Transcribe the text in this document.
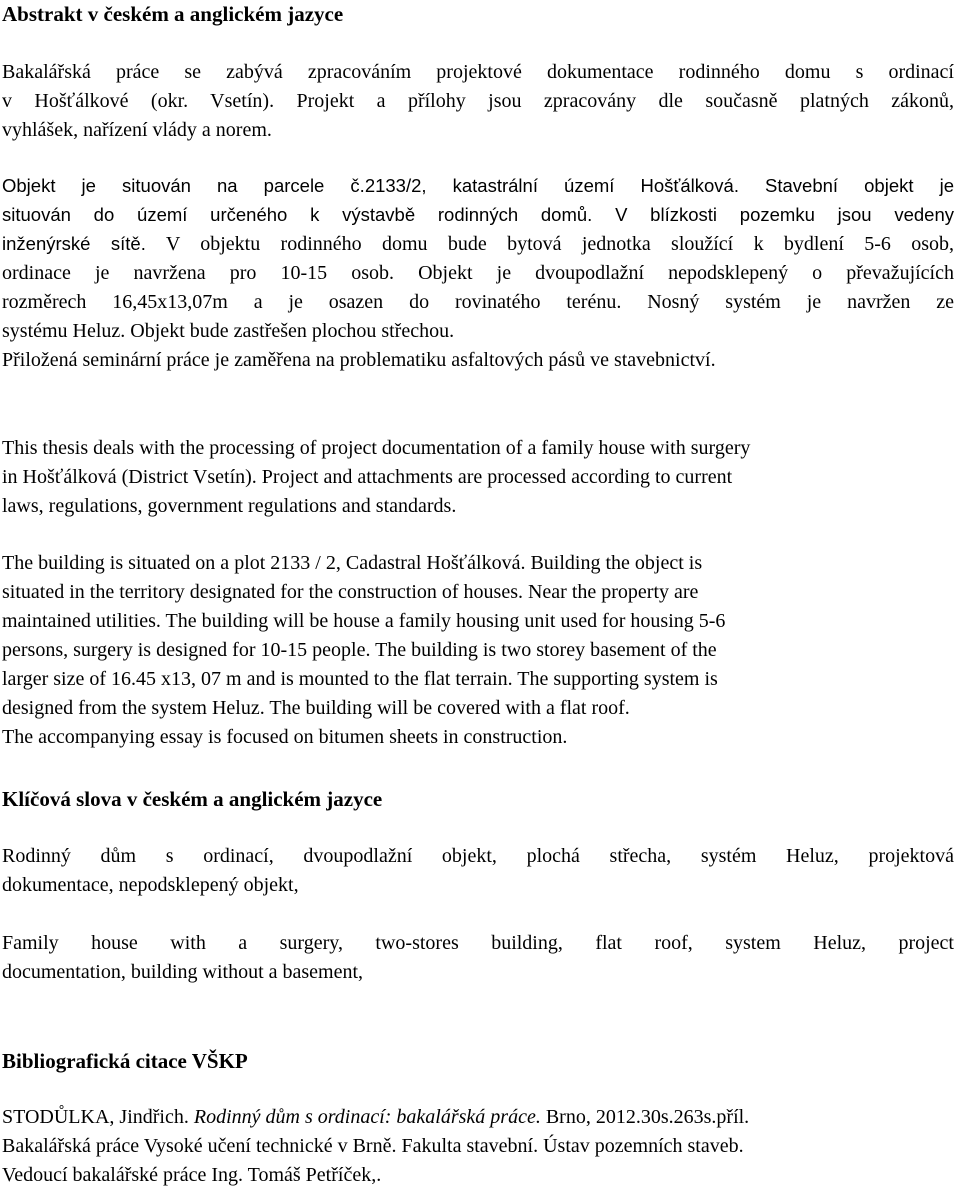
Abstrakt v českém a anglickém jazyce
Bakalářská práce se zabývá zpracováním projektové dokumentace rodinného domu s ordinací
v Hošťálkové (okr. Vsetín). Projekt a přílohy jsou zpracovány dle současně platných zákonů,
vyhlášek, nařízení vlády a norem.
Objekt je situován na parcele č.2133/2, katastrální území Hošťálková. Stavební objekt je
situován do území určeného k výstavbě rodinných domů. V blízkosti pozemku jsou vedeny
inženýrské sítě. V objektu rodinného domu bude bytová jednotka sloužící k bydlení 5-6 osob,
ordinace je navržena pro 10-15 osob. Objekt je dvoupodlažní nepodsklepený o převažujících
rozměrech 16,45x13,07m a je osazen do rovinatého terénu. Nosný systém je navržen ze
systému Heluz. Objekt bude zastřešen plochou střechou.
Přiložená seminární práce je zaměřena na problematiku asfaltových pásů ve stavebnictví.
This thesis deals with the processing of project documentation of a family house with surgery
in Hošťálková (District Vsetín). Project and attachments are processed according to current
laws, regulations, government regulations and standards.
The building is situated on a plot 2133 / 2, Cadastral Hošťálková. Building the object is
situated in the territory designated for the construction of houses. Near the property are
maintained utilities. The building will be house a family housing unit used for housing 5-6
persons, surgery is designed for 10-15 people. The building is two storey basement of the
larger size of 16.45 x13, 07 m and is mounted to the flat terrain. The supporting system is
designed from the system Heluz. The building will be covered with a flat roof.
The accompanying essay is focused on bitumen sheets in construction.
Klíčová slova v českém a anglickém jazyce
Rodinný dům s ordinací, dvoupodlažní objekt, plochá střecha, systém Heluz, projektová
dokumentace, nepodsklepený objekt,
Family house with a surgery, two-stores building, flat roof, system Heluz, project
documentation, building without a basement,
Bibliografická citace VŠKP
STODŮLKA, Jindřich. Rodinný dům s ordinací: bakalářská práce. Brno, 2012.30s.263s.příl.
Bakalářská práce Vysoké učení technické v Brně. Fakulta stavební. Ústav pozemních staveb.
Vedoucí bakalářské práce Ing. Tomáš Petříček,.
